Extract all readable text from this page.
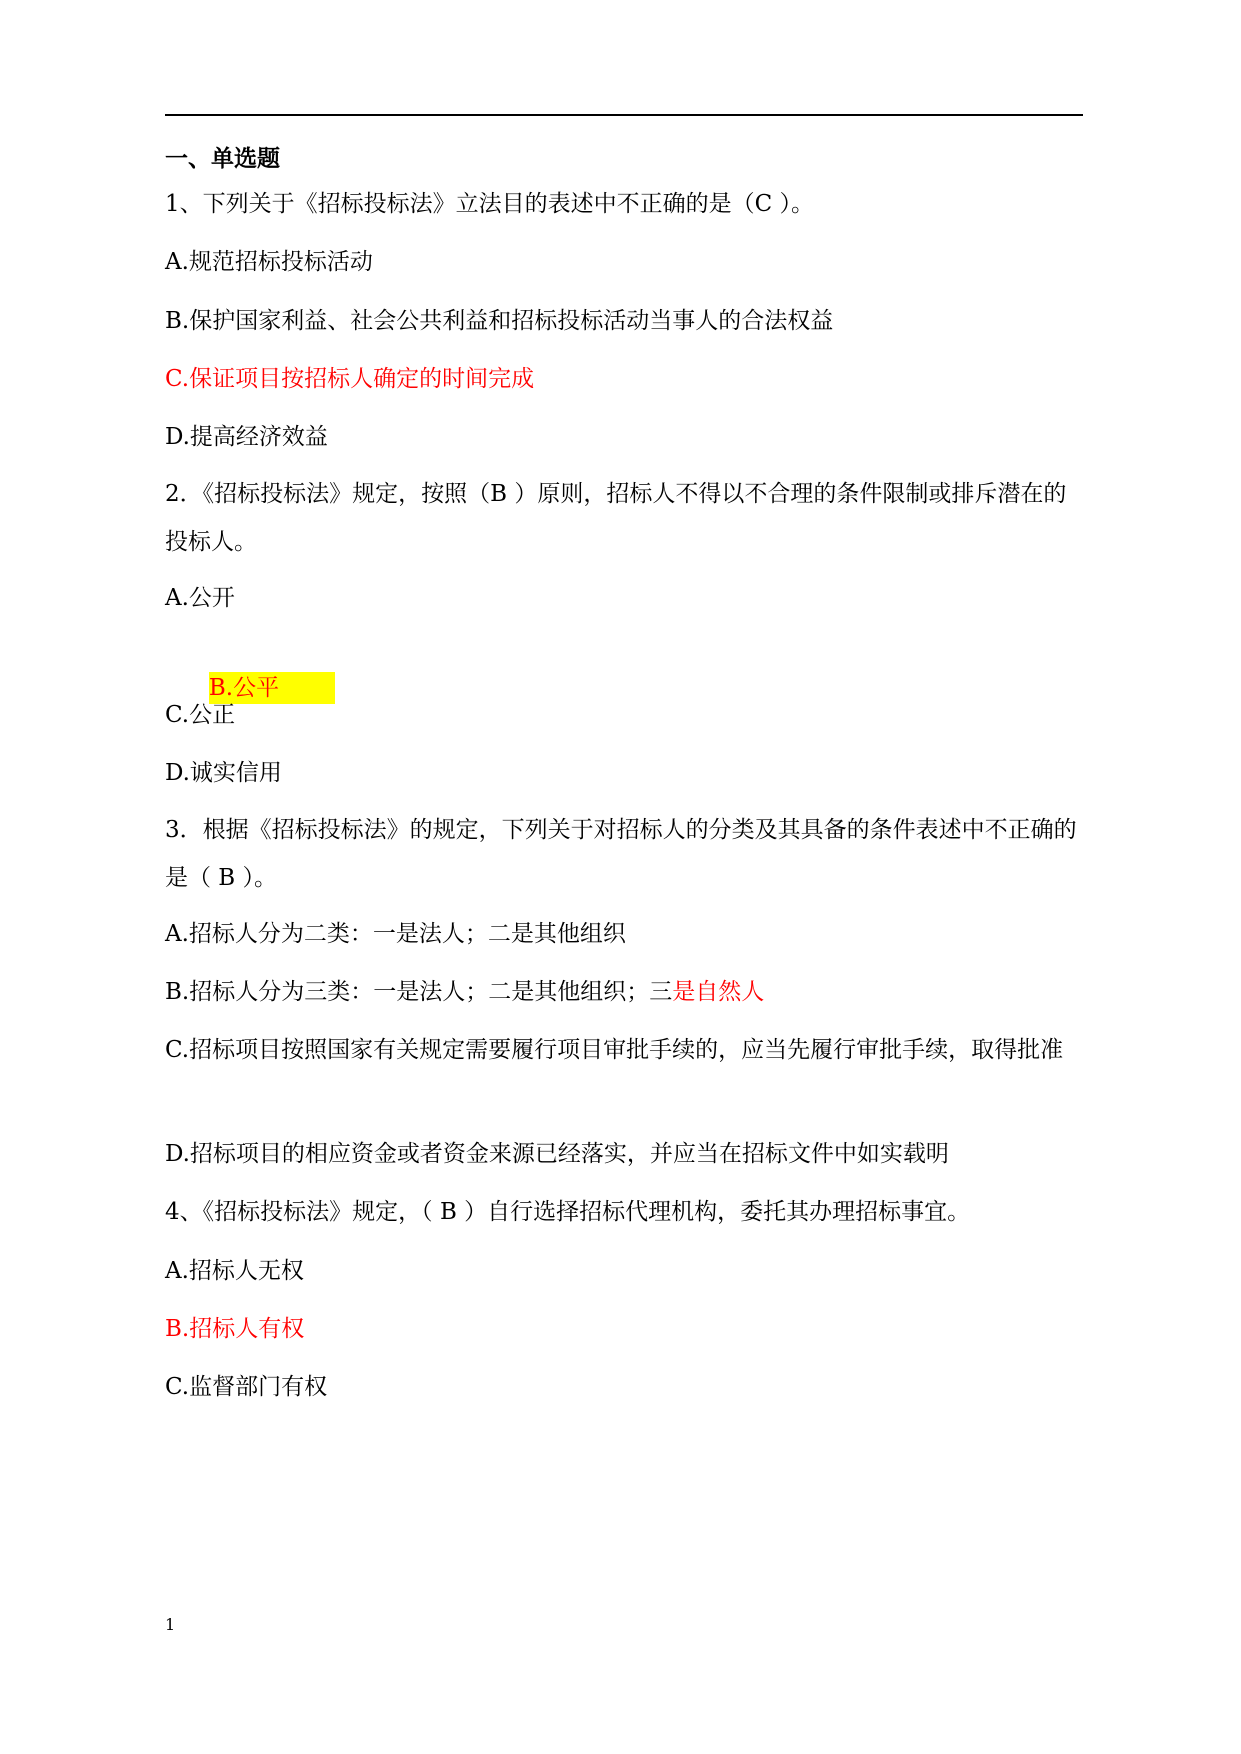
一、单选题
1、下列关于《招标投标法》立法目的表述中不正确的是（C ）。
A.规范招标投标活动
B.保护国家利益、社会公共利益和招标投标活动当事人的合法权益
C.保证项目按招标人确定的时间完成
D.提高经济效益
2．《招标投标法》规定，按照（B ）原则，招标人不得以不合理的条件限制或排斥潜在的投标人。
A.公开

B.公平

C.公正
D.诚实信用
3．根据《招标投标法》的规定，下列关于对招标人的分类及其具备的条件表述中不正确的是（ B ）。
A.招标人分为二类：一是法人；二是其他组织
B.招标人分为三类：一是法人；二是其他组织；三是自然人
C.招标项目按照国家有关规定需要履行项目审批手续的，应当先履行审批手续，取得批准
D.招标项目的相应资金或者资金来源已经落实，并应当在招标文件中如实载明
4、《招标投标法》规定，（ B ）自行选择招标代理机构，委托其办理招标事宜。
A.招标人无权
B.招标人有权
C.监督部门有权
1
